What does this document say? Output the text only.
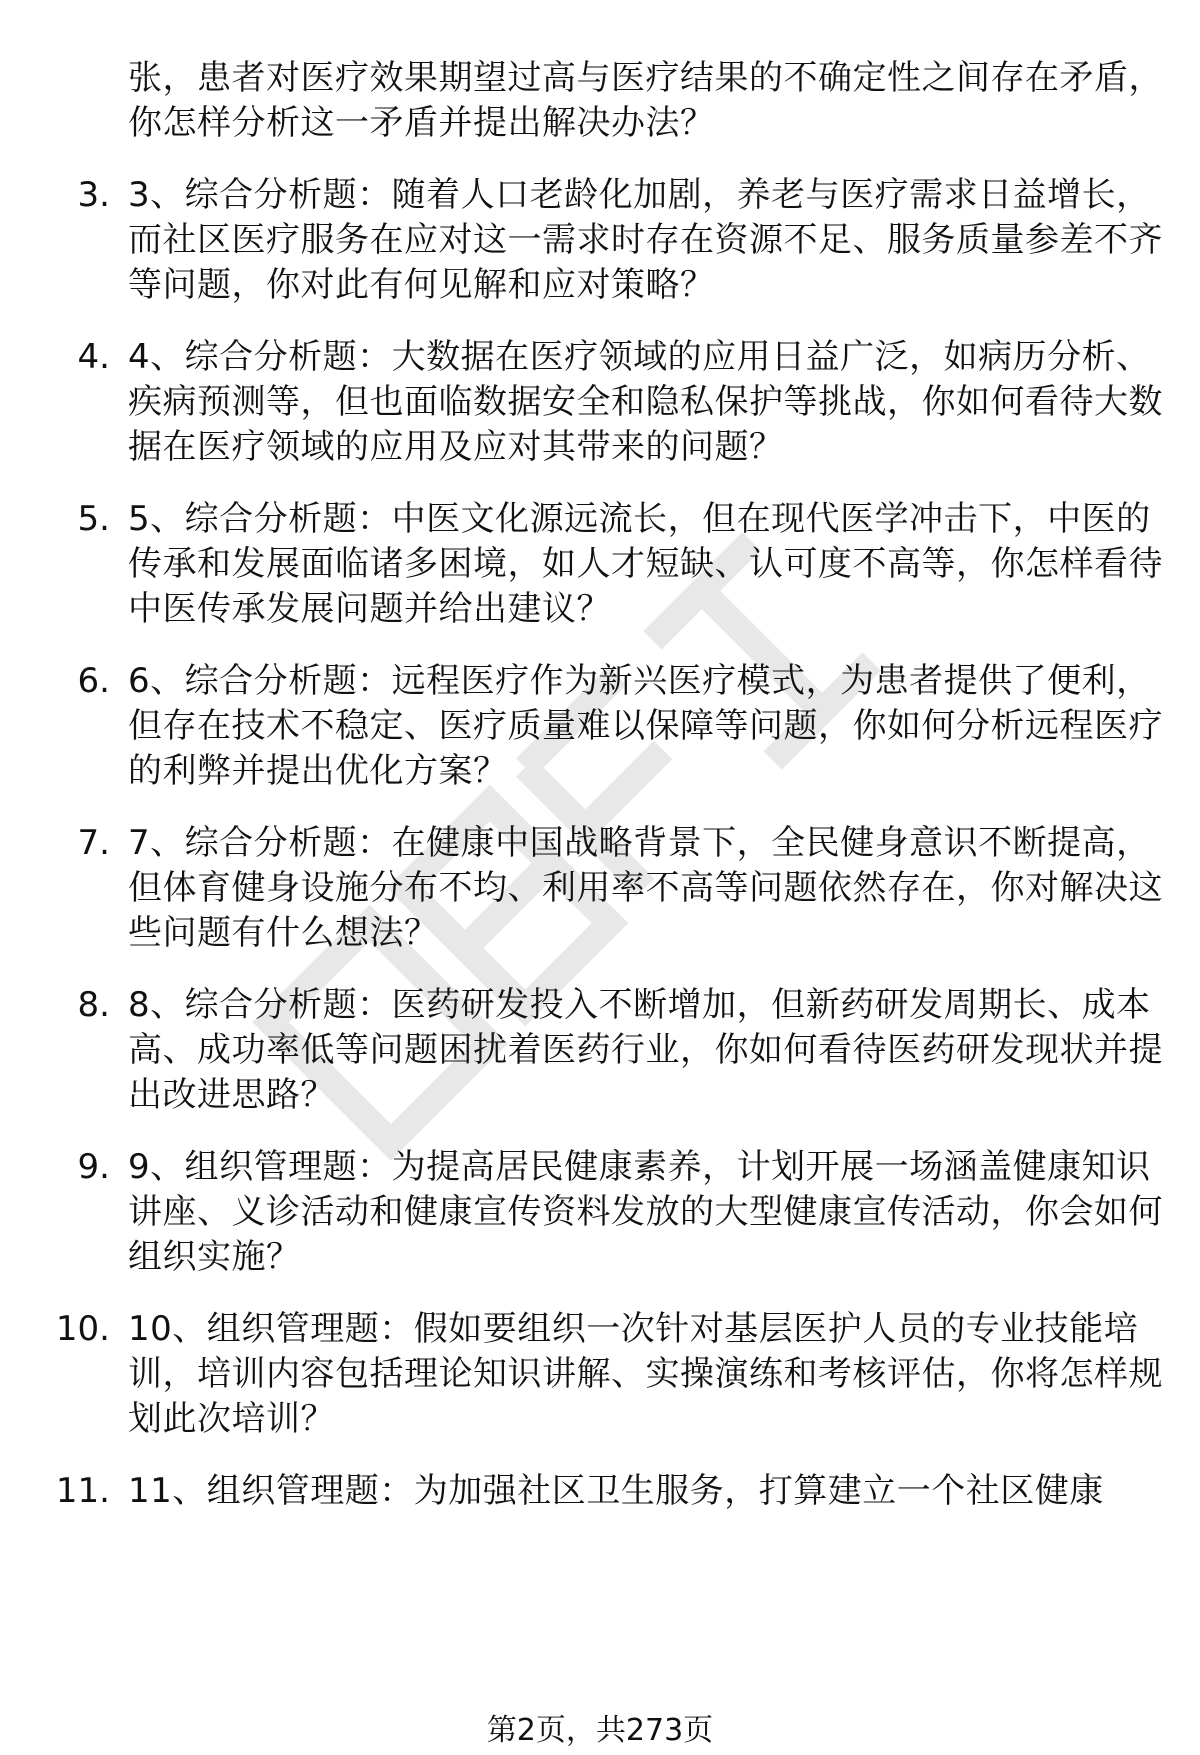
张，患者对医疗效果期望过高与医疗结果的不确定性之间存在矛盾，你怎样分析这一矛盾并提出解决办法？
3. 3、综合分析题：随着人口老龄化加剧，养老与医疗需求日益增长，而社区医疗服务在应对这一需求时存在资源不足、服务质量参差不齐等问题，你对此有何见解和应对策略？
4. 4、综合分析题：大数据在医疗领域的应用日益广泛，如病历分析、疾病预测等，但也面临数据安全和隐私保护等挑战，你如何看待大数据在医疗领域的应用及应对其带来的问题？
5. 5、综合分析题：中医文化源远流长，但在现代医学冲击下，中医的传承和发展面临诸多困境，如人才短缺、认可度不高等，你怎样看待中医传承发展问题并给出建议？
6. 6、综合分析题：远程医疗作为新兴医疗模式，为患者提供了便利，但存在技术不稳定、医疗质量难以保障等问题，你如何分析远程医疗的利弊并提出优化方案？
7. 7、综合分析题：在健康中国战略背景下，全民健身意识不断提高，但体育健身设施分布不均、利用率不高等问题依然存在，你对解决这些问题有什么想法？
8. 8、综合分析题：医药研发投入不断增加，但新药研发周期长、成本高、成功率低等问题困扰着医药行业，你如何看待医药研发现状并提出改进思路？
9. 9、组织管理题：为提高居民健康素养，计划开展一场涵盖健康知识讲座、义诊活动和健康宣传资料发放的大型健康宣传活动，你会如何组织实施？
10. 10、组织管理题：假如要组织一次针对基层医护人员的专业技能培训，培训内容包括理论知识讲解、实操演练和考核评估，你将怎样规划此次培训？
11. 11、组织管理题：为加强社区卫生服务，打算建立一个社区健康
第2页，共273页
